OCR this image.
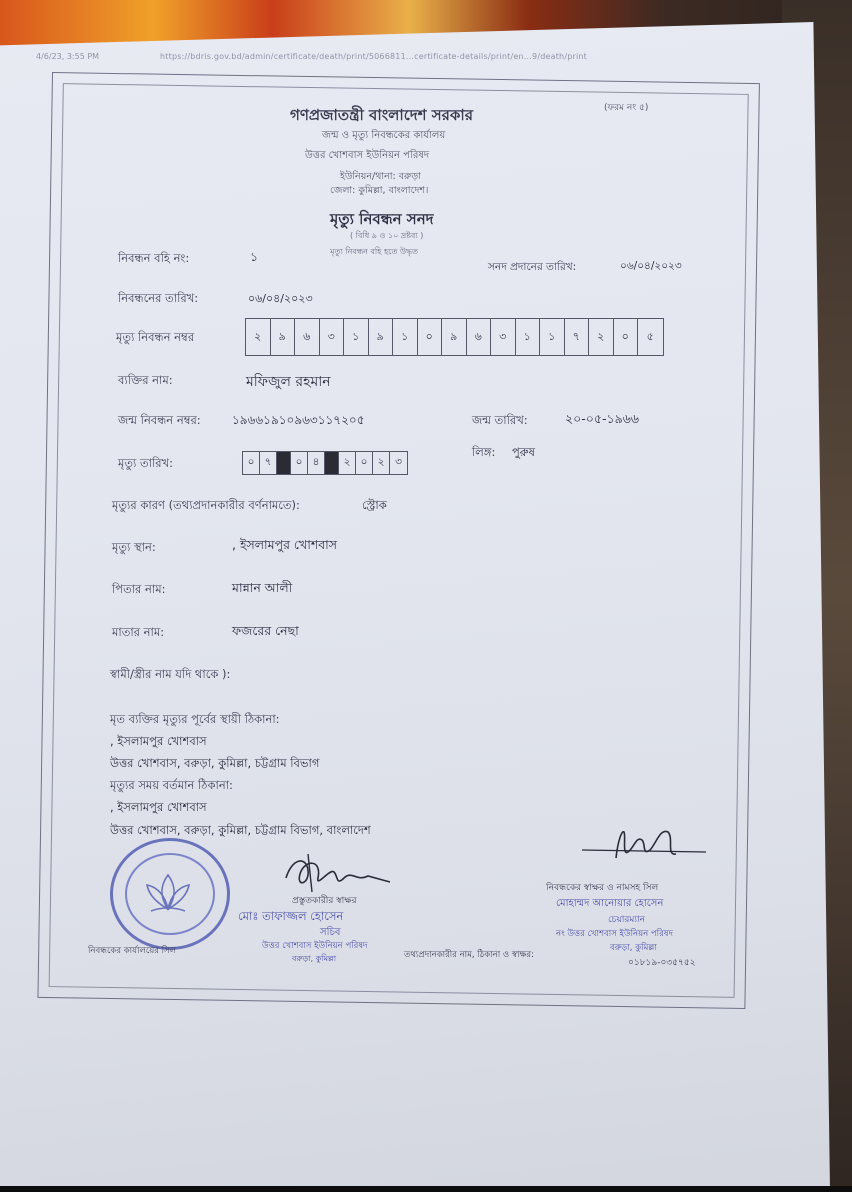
4/6/23, 3:55 PM	https://bdris.gov.bd/admin/certificate/death/print/5066811...certificate-details/print/en...9/death/print
(ফরম নং ৫)
গণপ্রজাতন্ত্রী বাংলাদেশ সরকার
জন্ম ও মৃত্যু নিবন্ধকের কার্যালয়
উত্তর খোশবাস ইউনিয়ন পরিষদ
ইউনিয়ন/থানা: বরুড়া
জেলা: কুমিল্লা, বাংলাদেশ।
মৃত্যু নিবন্ধন সনদ
( বিধি ৯ ও ১০ দ্রষ্টব্য )
মৃত্যু নিবন্ধন বহি হতে উদ্ধৃত
নিবন্ধন বহি নং:	১
সনদ প্রদানের তারিখ:	০৬/০৪/২০২৩
নিবন্ধনের তারিখ:	০৬/০৪/২০২৩
মৃত্যু নিবন্ধন নম্বর	২	৯	৬	৩	১	৯	১	০	৯	৬	৩	১	১	৭	২	০	৫
ব্যক্তির নাম:	মফিজুল রহমান
জন্ম নিবন্ধন নম্বর:	১৯৬৬১৯১০৯৬৩১১৭২০৫	জন্ম তারিখ:	২০-০৫-১৯৬৬
মৃত্যু তারিখ:	০ ৭	০ ৪	২ ০ ২	৩
লিঙ্গ: পুরুষ
মৃত্যুর কারণ (তথ্যপ্রদানকারীর বর্ণনামতে):	স্ট্রোক
মৃত্যু স্থান:	, ইসলামপুর খোশবাস
পিতার নাম:	মান্নান আলী
মাতার নাম:	ফজরের নেছা
স্বামী/স্ত্রীর নাম যদি থাকে ):
মৃত ব্যক্তির মৃত্যুর পূর্বের স্থায়ী ঠিকানা:
, ইসলামপুর খোশবাস
উত্তর খোশবাস, বরুড়া, কুমিল্লা, চট্টগ্রাম বিভাগ
মৃত্যুর সময় বর্তমান ঠিকানা:
, ইসলামপুর খোশবাস
উত্তর খোশবাস, বরুড়া, কুমিল্লা, চট্টগ্রাম বিভাগ, বাংলাদেশ
প্রস্তুতকারীর স্বাক্ষর
মোঃ তাফাজ্জল হোসেন
সচিব
নিবন্ধকের স্বাক্ষর ও নামসহ সিল
মোহাম্মদ আনোয়ার হোসেন
চেয়ারম্যান
নং উত্তর খোশবাস ইউনিয়ন পরিষদ
বরুড়া, কুমিল্লা
নিবন্ধকের কার্যালয়ের সিল	উত্তর খোশবাস ইউনিয়ন পরিষদ
বরুড়া, কুমিল্লা	তথ্যপ্রদানকারীর নাম, ঠিকানা ও স্বাক্ষর:
০১৮১৯-০৩৫৭৫২
